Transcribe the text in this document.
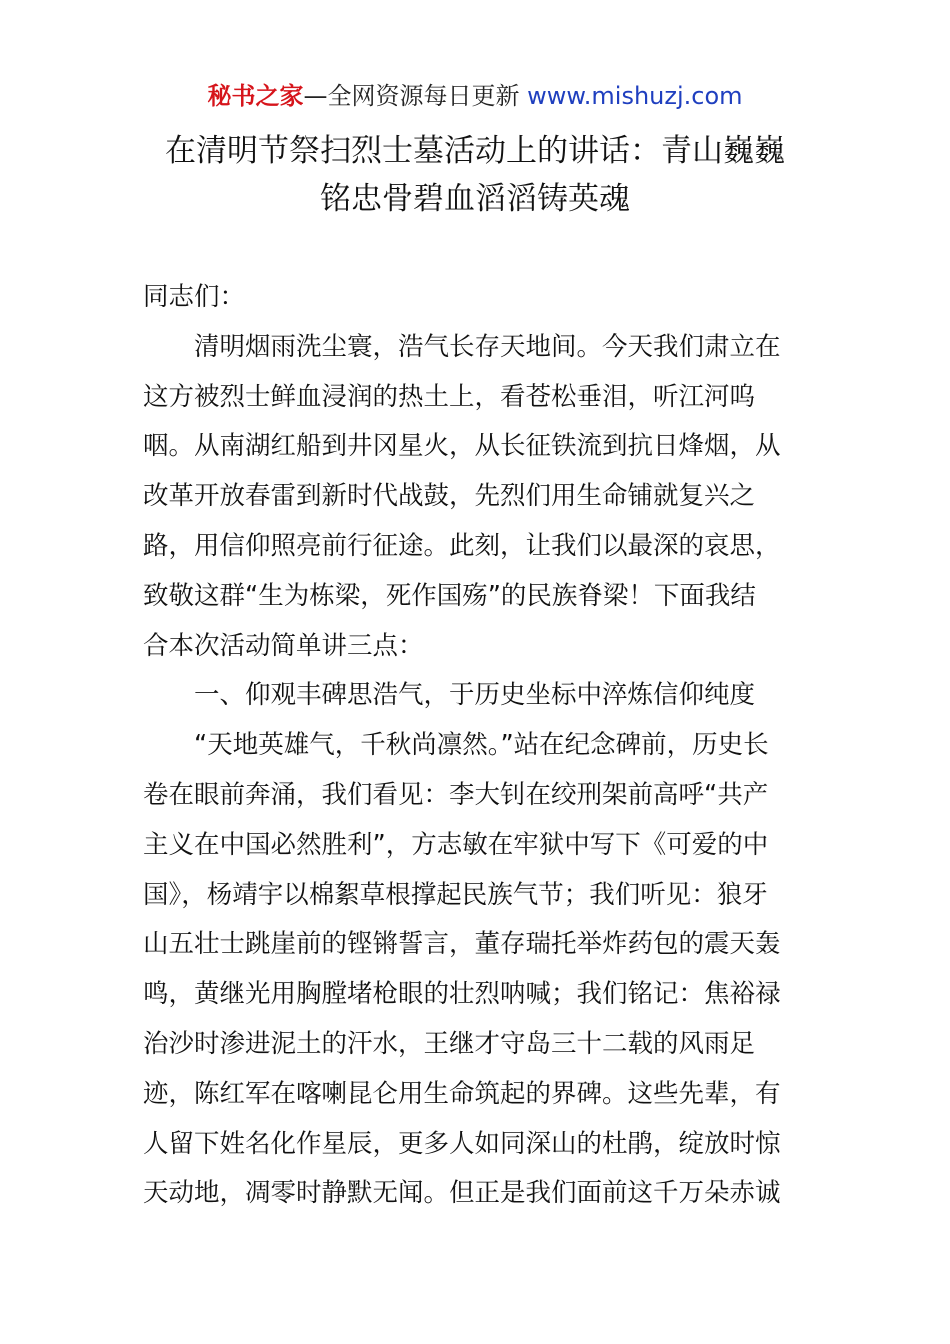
秘书之家—全网资源每日更新 www.mishuzj.com
在清明节祭扫烈士墓活动上的讲话：青山巍巍
铭忠骨碧血滔滔铸英魂
同志们：
清明烟雨洗尘寰，浩气长存天地间。今天我们肃立在
这方被烈士鲜血浸润的热土上，看苍松垂泪，听江河呜
咽。从南湖红船到井冈星火，从长征铁流到抗日烽烟，从
改革开放春雷到新时代战鼓，先烈们用生命铺就复兴之
路，用信仰照亮前行征途。此刻，让我们以最深的哀思，
致敬这群“生为栋梁，死作国殇”的民族脊梁！下面我结
合本次活动简单讲三点：
一、仰观丰碑思浩气，于历史坐标中淬炼信仰纯度
“天地英雄气，千秋尚凛然。”站在纪念碑前，历史长
卷在眼前奔涌，我们看见：李大钊在绞刑架前高呼“共产
主义在中国必然胜利”，方志敏在牢狱中写下《可爱的中
国》，杨靖宇以棉絮草根撑起民族气节；我们听见：狼牙
山五壮士跳崖前的铿锵誓言，董存瑞托举炸药包的震天轰
鸣，黄继光用胸膛堵枪眼的壮烈呐喊；我们铭记：焦裕禄
治沙时渗进泥土的汗水，王继才守岛三十二载的风雨足
迹，陈红军在喀喇昆仑用生命筑起的界碑。这些先辈，有
人留下姓名化作星辰，更多人如同深山的杜鹃，绽放时惊
天动地，凋零时静默无闻。但正是我们面前这千万朵赤诚
